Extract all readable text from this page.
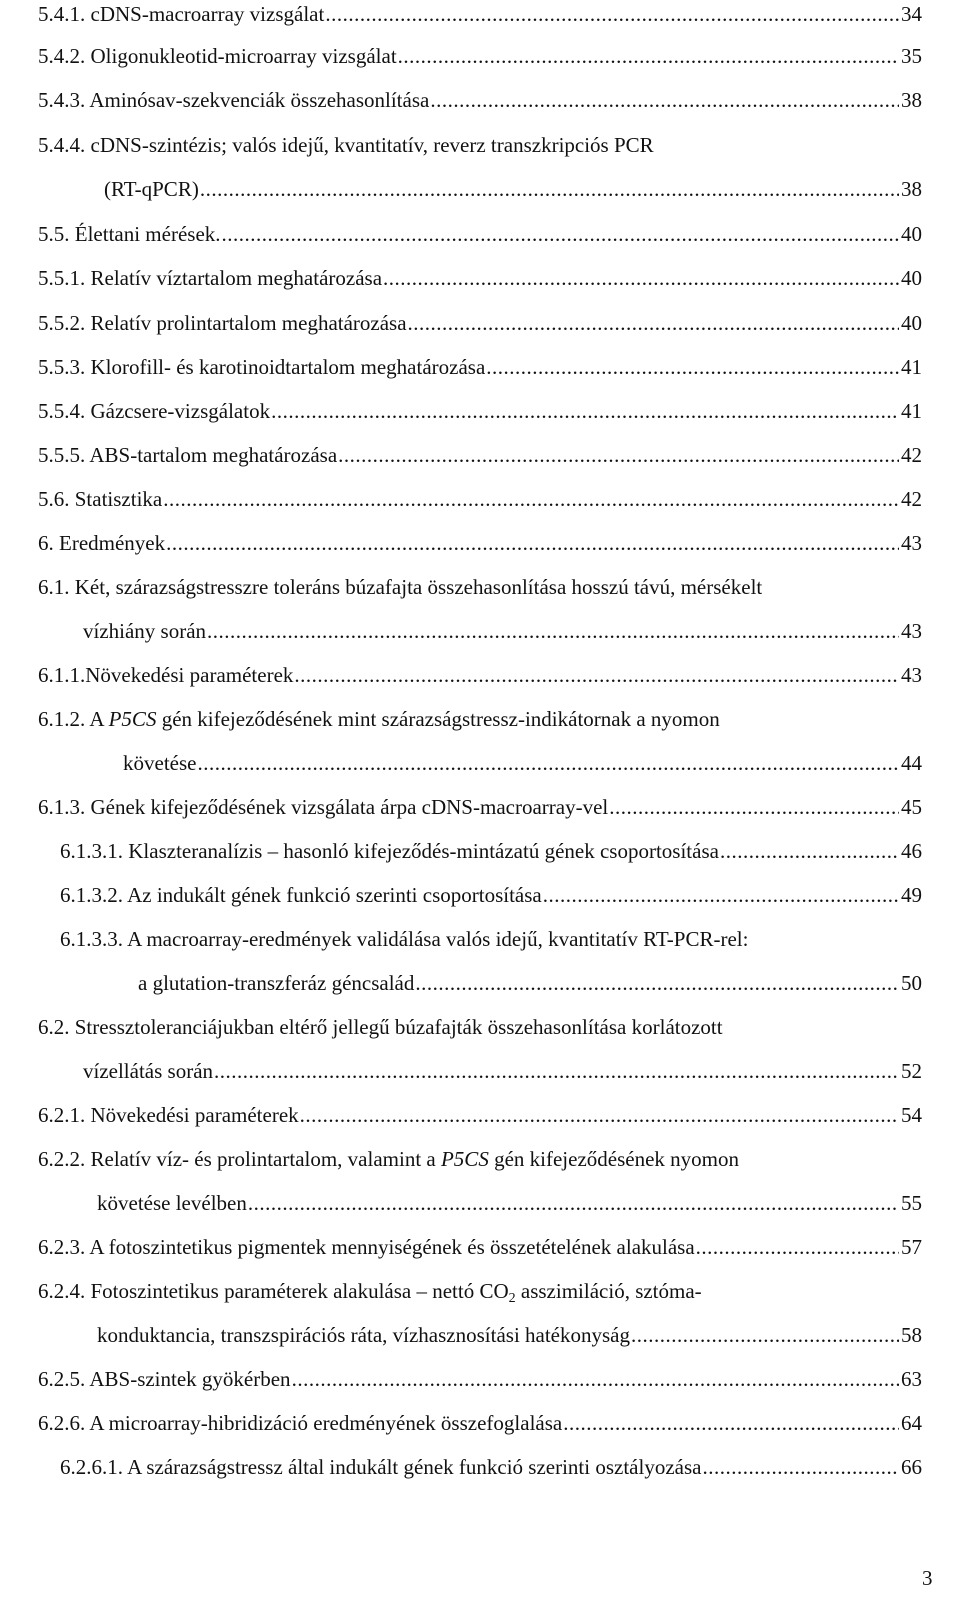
5.4.1. cDNS-macroarray vizsgálat .....	34
5.4.2. Oligonukleotid-microarray vizsgálat .....	35
5.4.3. Aminósav-szekvenciák összehasonlítása .....	38
5.4.4. cDNS-szintézis; valós idejű, kvantitatív, reverz transzkripciós PCR
(RT-qPCR) .....	38
5.5. Élettani mérések. .....	40
5.5.1. Relatív víztartalom meghatározása .....	40
5.5.2. Relatív prolintartalom meghatározása .....	40
5.5.3. Klorofill- és karotinoidtartalom meghatározása .....	41
5.5.4. Gázcsere-vizsgálatok .....	41
5.5.5. ABS-tartalom meghatározása .....	42
5.6. Statisztika .....	42
6. Eredmények .....	43
6.1. Két, szárazságstresszre toleráns búzafajta összehasonlítása hosszú távú, mérsékelt
vízhiány során .....	43
6.1.1.Növekedési paraméterek .....	43
6.1.2. A P5CS gén kifejeződésének mint szárazságstressz-indikátornak a nyomon
követése .....	44
6.1.3. Gének kifejeződésének vizsgálata árpa cDNS-macroarray-vel .....	45
6.1.3.1. Klaszteranalízis – hasonló kifejeződés-mintázatú gének csoportosítása .....	46
6.1.3.2. Az indukált gének funkció szerinti csoportosítása .....	49
6.1.3.3. A macroarray-eredmények validálása valós idejű, kvantitatív RT-PCR-rel:
a glutation-transzferáz géncsalád .....	50
6.2. Stressztoleranciájukban eltérő jellegű búzafajták összehasonlítása korlátozott
vízellátás során .....	52
6.2.1. Növekedési paraméterek .....	54
6.2.2. Relatív víz- és prolintartalom, valamint a P5CS gén kifejeződésének nyomon
követése levélben .....	55
6.2.3. A fotoszintetikus pigmentek mennyiségének és összetételének alakulása .....	57
6.2.4. Fotoszintetikus paraméterek alakulása – nettó $CO_2$ asszimiláció, sztóma-
konduktancia, transzspirációs ráta, vízhasznosítási hatékonyság .....	58
6.2.5. ABS-szintek gyökérben .....	63
6.2.6. A microarray-hibridizáció eredményének összefoglalása .....	64
6.2.6.1. A szárazságstressz által indukált gének funkció szerinti osztályozása .....	66
3
